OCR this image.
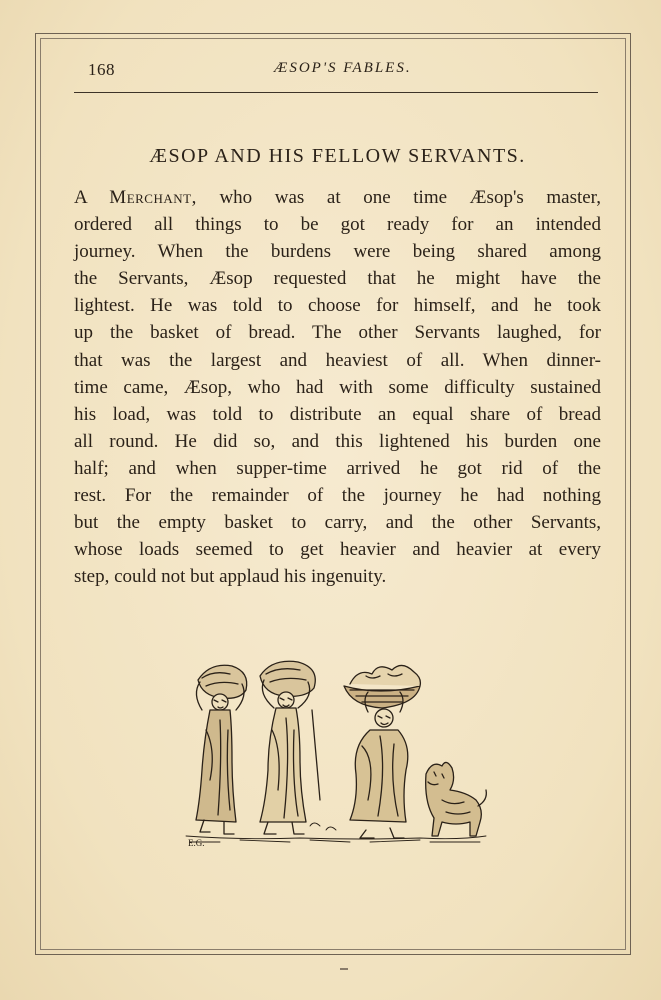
168	ÆSOP'S FABLES.
ÆSOP AND HIS FELLOW SERVANTS.
A Merchant, who was at one time Æsop's master,
ordered all things to be got ready for an intended
journey. When the burdens were being shared among
the Servants, Æsop requested that he might have the
lightest. He was told to choose for himself, and he took
up the basket of bread. The other Servants laughed, for
that was the largest and heaviest of all. When dinner-
time came, Æsop, who had with some difficulty sustained
his load, was told to distribute an equal share of bread
all round. He did so, and this lightened his burden one
half; and when supper-time arrived he got rid of the
rest. For the remainder of the journey he had nothing
but the empty basket to carry, and the other Servants,
whose loads seemed to get heavier and heavier at every
step, could not but applaud his ingenuity.
E.G.
